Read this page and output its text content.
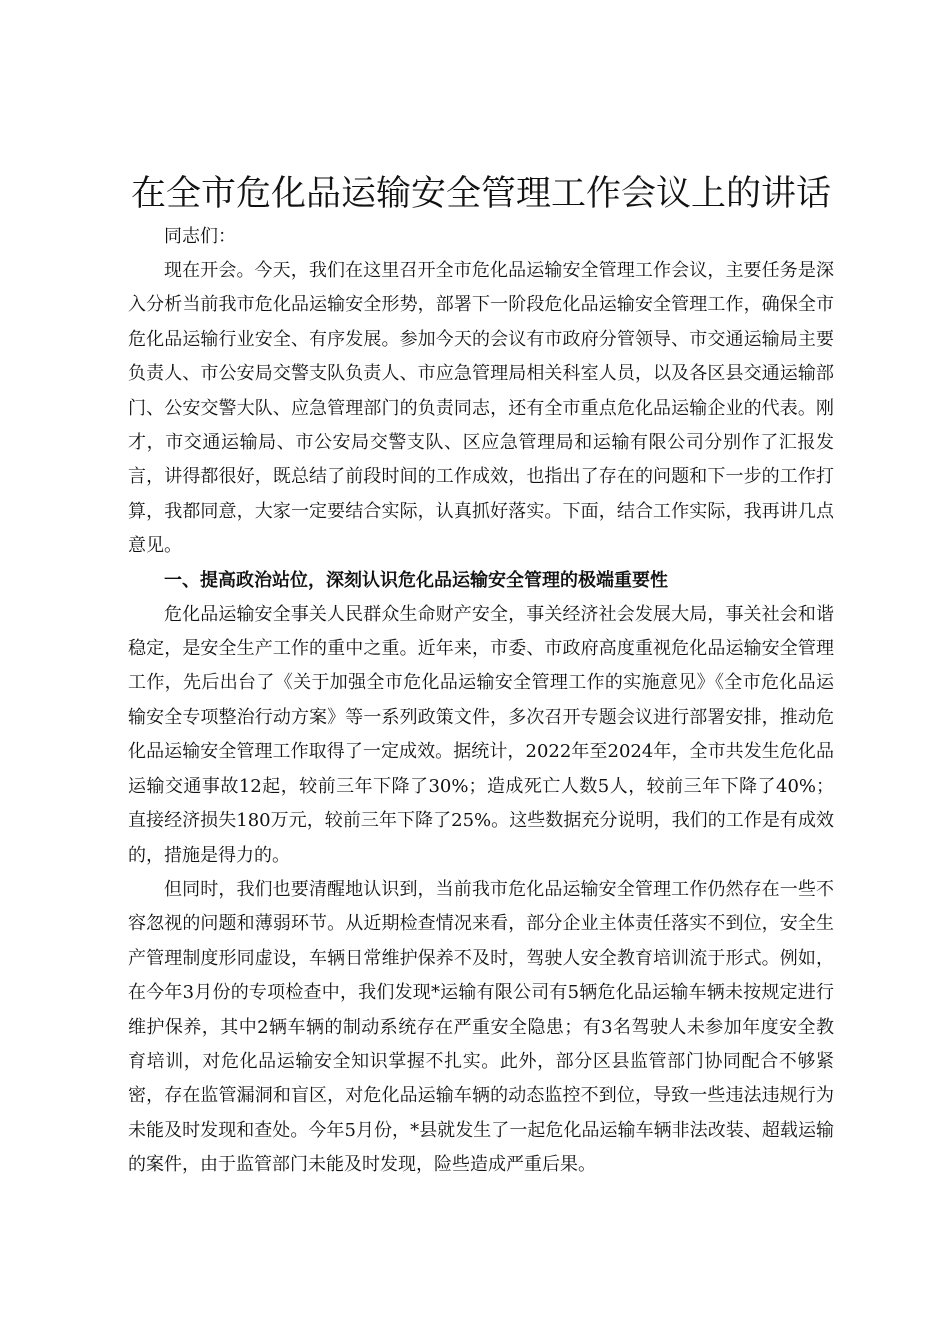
在全市危化品运输安全管理工作会议上的讲话

同志们：

现在开会。今天，我们在这里召开全市危化品运输安全管理工作会议，主要任务是深入分析当前我市危化品运输安全形势，部署下一阶段危化品运输安全管理工作，确保全市危化品运输行业安全、有序发展。参加今天的会议有市政府分管领导、市交通运输局主要负责人、市公安局交警支队负责人、市应急管理局相关科室人员，以及各区县交通运输部门、公安交警大队、应急管理部门的负责同志，还有全市重点危化品运输企业的代表。刚才，市交通运输局、市公安局交警支队、区应急管理局和运输有限公司分别作了汇报发言，讲得都很好，既总结了前段时间的工作成效，也指出了存在的问题和下一步的工作打算，我都同意，大家一定要结合实际，认真抓好落实。下面，结合工作实际，我再讲几点意见。

一、提高政治站位，深刻认识危化品运输安全管理的极端重要性

危化品运输安全事关人民群众生命财产安全，事关经济社会发展大局，事关社会和谐稳定，是安全生产工作的重中之重。近年来，市委、市政府高度重视危化品运输安全管理工作，先后出台了《关于加强全市危化品运输安全管理工作的实施意见》《全市危化品运输安全专项整治行动方案》等一系列政策文件，多次召开专题会议进行部署安排，推动危化品运输安全管理工作取得了一定成效。据统计，2022年至2024年，全市共发生危化品运输交通事故12起，较前三年下降了30%；造成死亡人数5人，较前三年下降了40%；直接经济损失180万元，较前三年下降了25%。这些数据充分说明，我们的工作是有成效的，措施是得力的。

但同时，我们也要清醒地认识到，当前我市危化品运输安全管理工作仍然存在一些不容忽视的问题和薄弱环节。从近期检查情况来看，部分企业主体责任落实不到位，安全生产管理制度形同虚设，车辆日常维护保养不及时，驾驶人安全教育培训流于形式。例如，在今年3月份的专项检查中，我们发现*运输有限公司有5辆危化品运输车辆未按规定进行维护保养，其中2辆车辆的制动系统存在严重安全隐患；有3名驾驶人未参加年度安全教育培训，对危化品运输安全知识掌握不扎实。此外，部分区县监管部门协同配合不够紧密，存在监管漏洞和盲区，对危化品运输车辆的动态监控不到位，导致一些违法违规行为未能及时发现和查处。今年5月份，*县就发生了一起危化品运输车辆非法改装、超载运输的案件，由于监管部门未能及时发现，险些造成严重后果。
